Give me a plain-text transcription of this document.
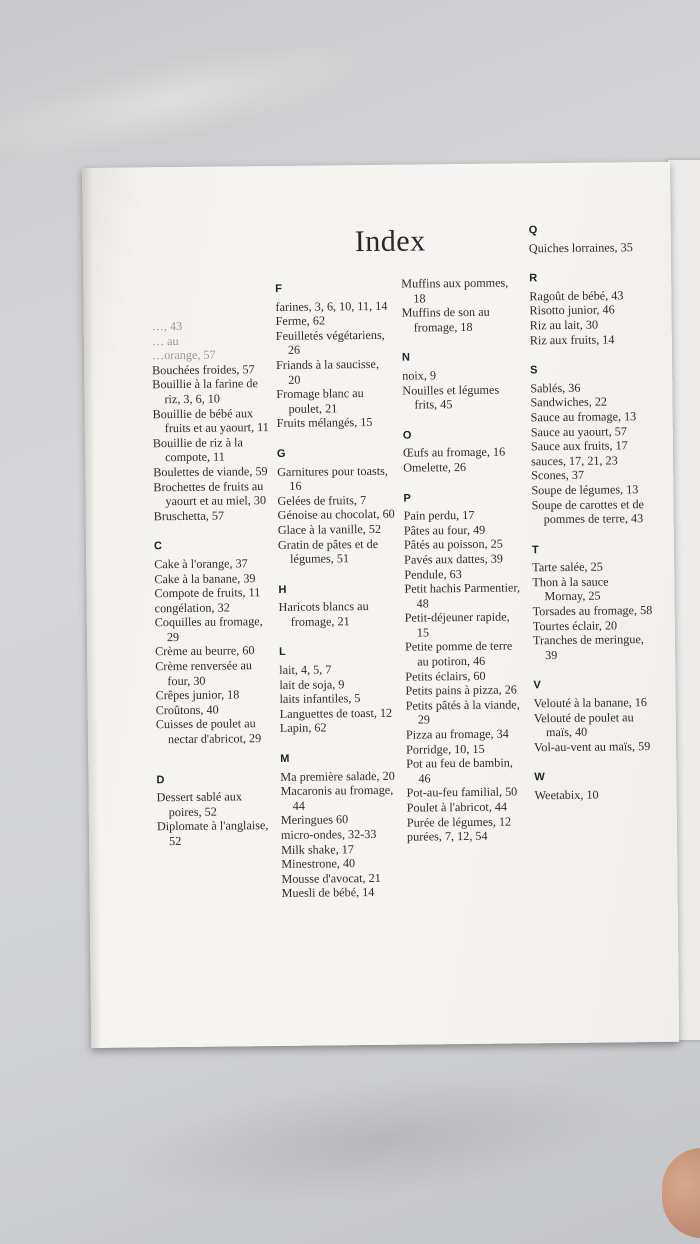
Index

…, 43

… au

…orange, 57

Bouchées froides, 57

Bouillie à la farine de riz, 3, 6, 10

Bouillie de bébé aux fruits et au yaourt, 11

Bouillie de riz à la compote, 11

Boulettes de viande, 59

Brochettes de fruits au yaourt et au miel, 30

Bruschetta, 57

C

Cake à l'orange, 37

Cake à la banane, 39

Compote de fruits, 11

congélation, 32

Coquilles au fromage, 29

Crème au beurre, 60

Crème renversée au four, 30

Crêpes junior, 18

Croûtons, 40

Cuisses de poulet au nectar d'abricot, 29

D

Dessert sablé aux poires, 52

Diplomate à l'anglaise, 52

F

farines, 3, 6, 10, 11, 14

Ferme, 62

Feuilletés végétariens, 26

Friands à la saucisse, 20

Fromage blanc au poulet, 21

Fruits mélangés, 15

G

Garnitures pour toasts, 16

Gelées de fruits, 7

Génoise au chocolat, 60

Glace à la vanille, 52

Gratin de pâtes et de légumes, 51

H

Haricots blancs au fromage, 21

L

lait, 4, 5, 7

lait de soja, 9

laits infantiles, 5

Languettes de toast, 12

Lapin, 62

M

Ma première salade, 20

Macaronis au fromage, 44

Meringues 60

micro-ondes, 32-33

Milk shake, 17

Minestrone, 40

Mousse d'avocat, 21

Muesli de bébé, 14

Muffins aux pommes, 18

Muffins de son au fromage, 18

N

noix, 9

Nouilles et légumes frits, 45

O

Œufs au fromage, 16

Omelette, 26

P

Pain perdu, 17

Pâtes au four, 49

Pâtés au poisson, 25

Pavés aux dattes, 39

Pendule, 63

Petit hachis Parmentier, 48

Petit-déjeuner rapide, 15

Petite pomme de terre au potiron, 46

Petits éclairs, 60

Petits pains à pizza, 26

Petits pâtés à la viande, 29

Pizza au fromage, 34

Porridge, 10, 15

Pot au feu de bambin, 46

Pot-au-feu familial, 50

Poulet à l'abricot, 44

Purée de légumes, 12

purées, 7, 12, 54

Q

Quiches lorraines, 35

R

Ragoût de bébé, 43

Risotto junior, 46

Riz au lait, 30

Riz aux fruits, 14

S

Sablés, 36

Sandwiches, 22

Sauce au fromage, 13

Sauce au yaourt, 57

Sauce aux fruits, 17

sauces, 17, 21, 23

Scones, 37

Soupe de légumes, 13

Soupe de carottes et de pommes de terre, 43

T

Tarte salée, 25

Thon à la sauce Mornay, 25

Torsades au fromage, 58

Tourtes éclair, 20

Tranches de meringue, 39

V

Velouté à la banane, 16

Velouté de poulet au maïs, 40

Vol-au-vent au maïs, 59

W

Weetabix, 10
